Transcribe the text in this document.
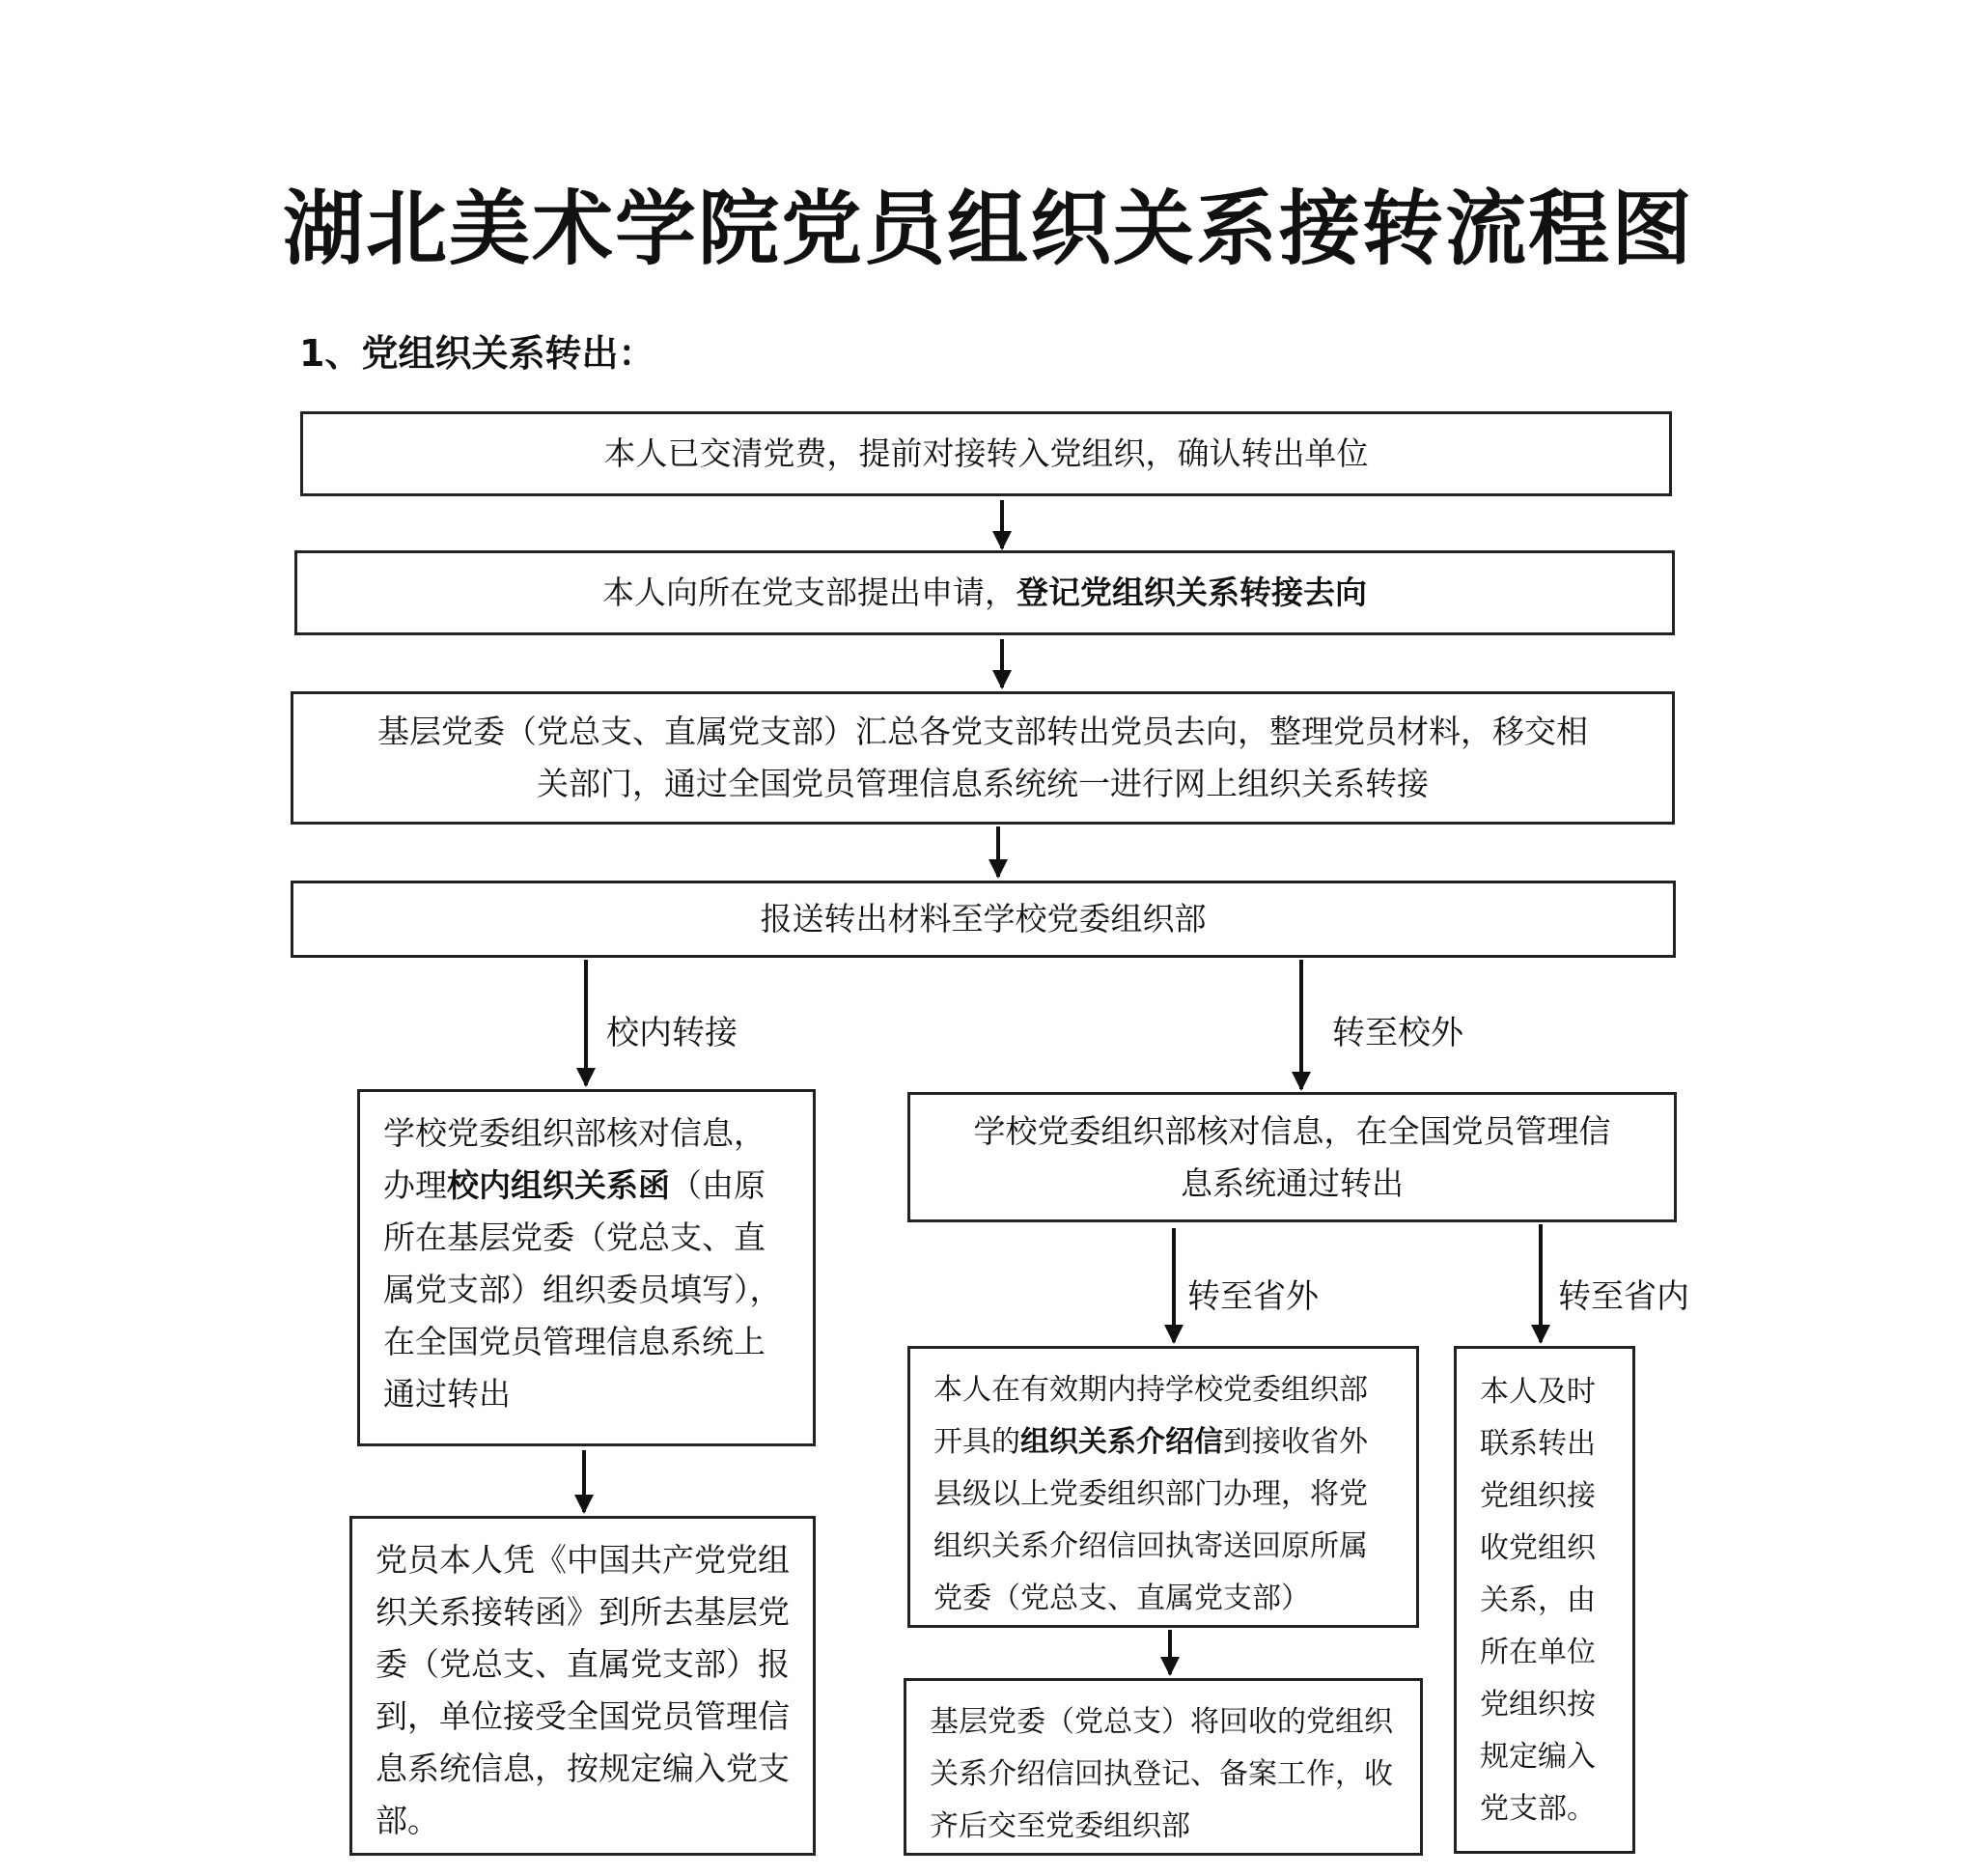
湖北美术学院党员组织关系接转流程图
1、党组织关系转出：
本人已交清党费，提前对接转入党组织，确认转出单位
本人向所在党支部提出申请，登记党组织关系转接去向
基层党委（党总支、直属党支部）汇总各党支部转出党员去向，整理党员材料，移交相
关部门，通过全国党员管理信息系统统一进行网上组织关系转接
报送转出材料至学校党委组织部
校内转接	转至校外
学校党委组织部核对信息，办理校内组织关系函（由原所在基层党委（党总支、直属党支部）组织委员填写），在全国党员管理信息系统上通过转出
党员本人凭《中国共产党党组织关系接转函》到所去基层党委（党总支、直属党支部）报到，单位接受全国党员管理信息系统信息，按规定编入党支部。
学校党委组织部核对信息，在全国党员管理信
息系统通过转出
转至省外	转至省内
本人在有效期内持学校党委组织部开具的组织关系介绍信到接收省外县级以上党委组织部门办理，将党组织关系介绍信回执寄送回原所属党委（党总支、直属党支部）
基层党委（党总支）将回收的党组织关系介绍信回执登记、备案工作，收齐后交至党委组织部
本人及时联系转出党组织接收党组织关系，由所在单位党组织按规定编入党支部。
